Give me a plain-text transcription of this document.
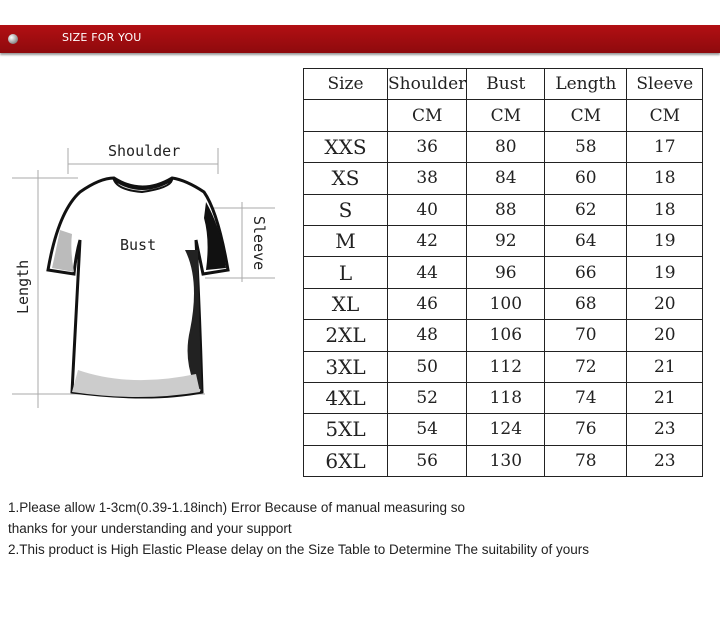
SIZE FOR YOU
Shoulder
Bust	Sleeve
Length
Size	Shoulder	Bust	Length	Sleeve
	CM	CM	CM	CM
XXS	36	80	58	17
XS	38	84	60	18
S	40	88	62	18
M	42	92	64	19
L	44	96	66	19
XL	46	100	68	20
2XL	48	106	70	20
3XL	50	112	72	21
4XL	52	118	74	21
5XL	54	124	76	23
6XL	56	130	78	23
1.Please allow 1-3cm(0.39-1.18inch) Error Because of manual measuring so
thanks for your understanding and your support
2.This product is High Elastic Please delay on the Size Table to Determine The suitability of yours
